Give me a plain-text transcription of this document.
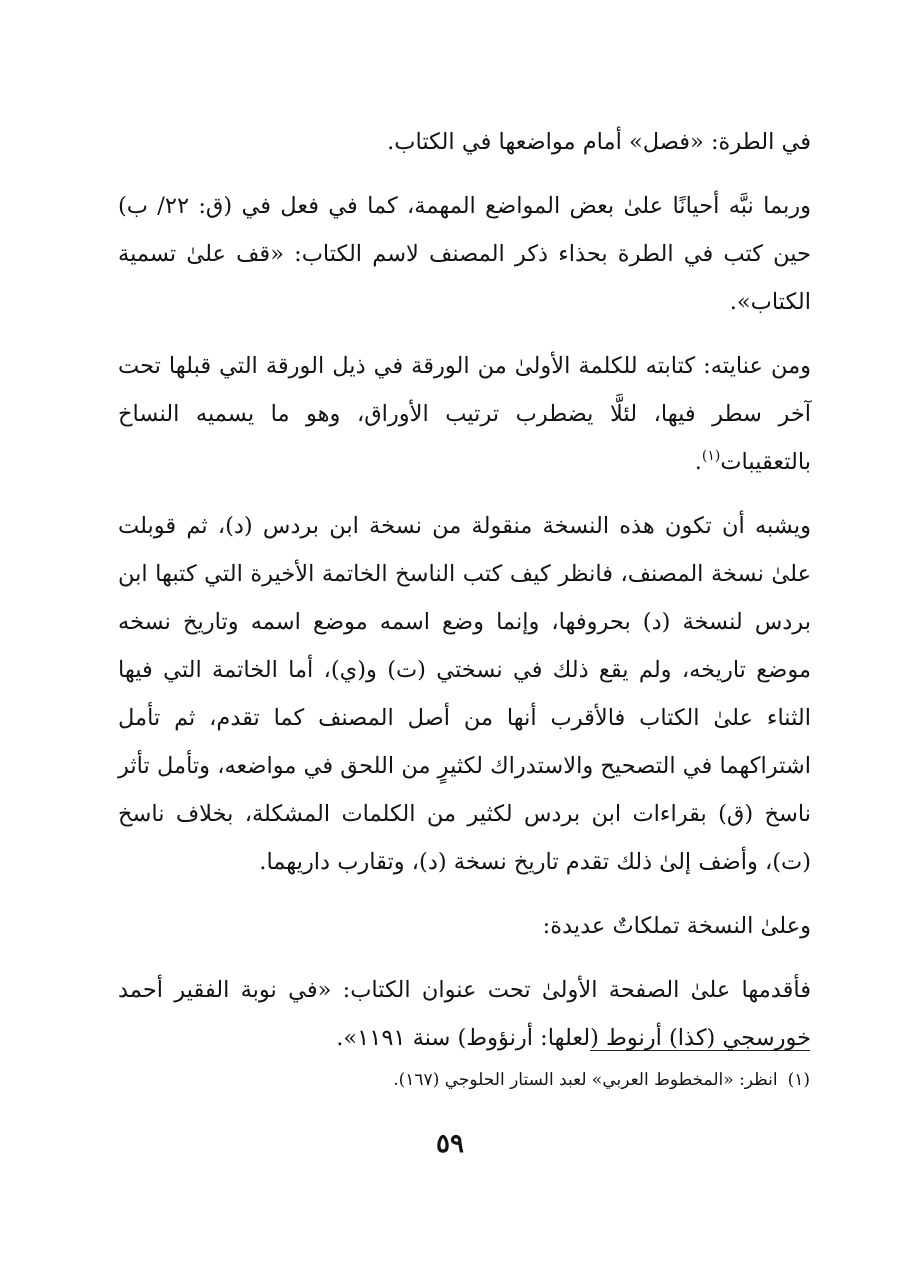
في الطرة: «فصل» أمام مواضعها في الكتاب.

وربما نبَّه أحيانًا علىٰ بعض المواضع المهمة، كما في فعل في (ق: ٢٢/ ب) حين كتب في الطرة بحذاء ذكر المصنف لاسم الكتاب: «قف علىٰ تسمية الكتاب».

ومن عنايته: كتابته للكلمة الأولىٰ من الورقة في ذيل الورقة التي قبلها تحت آخر سطر فيها، لئلَّا يضطرب ترتيب الأوراق، وهو ما يسميه النساخ بالتعقيبات$^{(١)}$.

ويشبه أن تكون هذه النسخة منقولة من نسخة ابن بردس (د)، ثم قوبلت علىٰ نسخة المصنف، فانظر كيف كتب الناسخ الخاتمة الأخيرة التي كتبها ابن بردس لنسخة (د) بحروفها، وإنما وضع اسمه موضع اسمه وتاريخ نسخه موضع تاريخه، ولم يقع ذلك في نسختي (ت) و(ي)، أما الخاتمة التي فيها الثناء علىٰ الكتاب فالأقرب أنها من أصل المصنف كما تقدم، ثم تأمل اشتراكهما في التصحيح والاستدراك لكثيرٍ من اللحق في مواضعه، وتأمل تأثر ناسخ (ق) بقراءات ابن بردس لكثير من الكلمات المشكلة، بخلاف ناسخ (ت)، وأضف إلىٰ ذلك تقدم تاريخ نسخة (د)، وتقارب داريهما.

وعلىٰ النسخة تملكاتٌ عديدة:

فأقدمها علىٰ الصفحة الأولىٰ تحت عنوان الكتاب: «في نوبة الفقير أحمد خورسجي (كذا) أرنوط (لعلها: أرنؤوط) سنة ١١٩١».

(١)انظر: «المخطوط العربي» لعبد الستار الحلوجي (١٦٧).
٥٩
